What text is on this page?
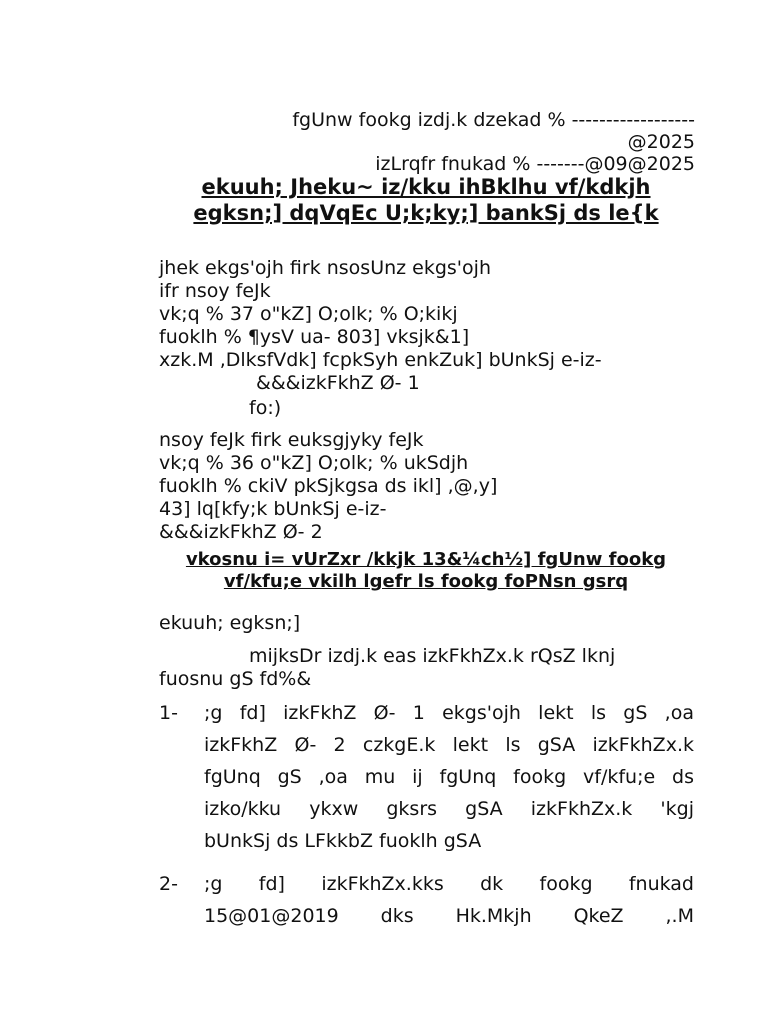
fgUnw fookg izdj.k dzekad % ------------------
@2025
izLrqfr fnukad % -------@09@2025
ekuuh; Jheku~ iz/kku ihBklhu vf/kdkjh egksn;] dqVqEc U;k;ky;] bankSj ds le{k
jhek ekgs'ojh firk nsosUnz ekgs'ojh
ifr nsoy feJk
vk;q % 37 o"kZ] O;olk; % O;kikj
fuoklh % ¶ysV ua- 803] vksjk&1]
xzk.M ,DlksfVdk] fcpkSyh enkZuk] bUnkSj e-iz-
&&&izkFkhZ Ø- 1
fo:)
nsoy feJk firk euksgjyky feJk
vk;q % 36 o"kZ] O;olk; % ukSdjh
fuoklh % ckiV pkSjkgsa ds ikl] ,@,y]
43] lq[kfy;k bUnkSj e-iz-
&&&izkFkhZ Ø- 2
vkosnu i= vUrZxr /kkjk 13&¼ch½] fgUnw fookg vf/kfu;e vkilh lgefr ls fookg foPNsn gsrq
ekuuh; egksn;]
mijksDr izdj.k eas izkFkhZx.k rQsZ lknj
fuosnu gS fd%&
1- ;g fd] izkFkhZ Ø- 1 ekgs'ojh lekt ls gS ,oa
izkFkhZ Ø- 2 czkgE.k lekt ls gSA izkFkhZx.k
fgUnq gS ,oa mu ij fgUnq fookg vf/kfu;e ds
izko/kku ykxw gksrs gSA izkFkhZx.k 'kgj
bUnkSj ds LFkkbZ fuoklh gSA
2- ;g fd] izkFkhZx.kks dk fookg fnukad
15@01@2019 dks Hk.Mkjh QkeZ ,.M
